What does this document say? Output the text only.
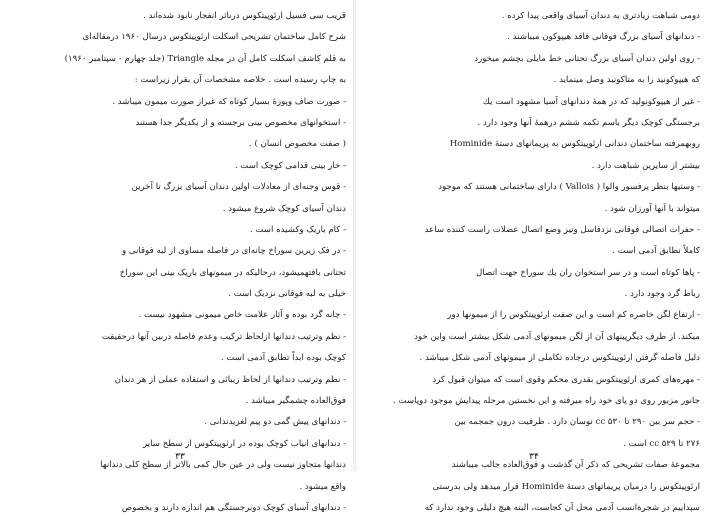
قریب سی فسیل ارئوپیتکوس درناثر انفجار نابود شده‌اند .
شرح کامل ساختمان تشریحی اسکلت ارئوپیتکوس درسال ۱۹۶۰ درمقاله‌ای
به قلم کاشف اسکلت کامل آن در مجله Triangle (جلد چهارم - سپتامبر ۱۹۶۰)
به چاپ رسیده است . خلاصه مشخصات آن بقرار زیراست :
- صورت صاف وپوزهٔ بسیار کوتاه که غیراز صورت میمون میباشد .
- استخوانهای مخصوص بینی برجسته و از یکدیگر جدا هستند
( صفت مخصوص انسان ) .
- خار بینی قدامی کوچک است .
- قوس وجنه‌ای از معادلات اولین دندان آسیای بزرگ تا آخرین
دندان آسیای کوچک شروع میشود .
- کام باریک وکشیده است .
- در فک زیرین سوراخ چانه‌ای در فاصله مساوی از لبه فوقانی و
تحتانی بافتهمیشود، درحالیکه در میمونهای باریک بینی این سوراخ
خیلی به لبه فوقانی نزدیک است .
- چانه گرد بوده و آثار علامت خاص میمونی مشهود نیست .
- نظم وترتیب دندانها ازلحاظ ترکیب وعدم فاصله دربین آنها درحقیقت
کوچک بوده ابداً تطابق آدمی است .
- نظم وترتیب دندانها از لحاظ زیبائی و استفاده عملی از هر دندان
فوق‌العاده چشمگیر میباشد .
- دندانهای پیش گمی دو پیم لغزیدندانی .
- دندانهای انیاب کوچک بوده در ارئوپیتکوس از سطح سایر
دندانها متجاوز نیست ولی در عین حال کمی بالاتر از سطح کلی دندانها
واقع میشود .
- دندانهای آسیای کوچک دوبرجستگی هم اندازه دارند و بخصوص
۳۳
دومی شباهت زیادتری به دندان آسیای واقعی پیدا کرده .
- دندانهای آسیای بزرگ فوقانی فاقد هیپوکون میباشند .
- روی اولین دندان آسیای بزرگ تحتانی خط مایلی بچشم میخورد
که هیپوکونید را به متاکونید وصل مینماید .
- غیر از هیپوکونولید که در همهٔ دندانهای آسیا مشهود است یك
برجستگی کوچک دیگر باسم تکمه ششم درهمهٔ آنها وجود دارد .
روبهمرفته ساختمان دندانی ارئوپیتکوس به پریماتهای دستهٔ Hominide
بیشتر از سایرین شباهت دارد .
- وستیها بنظر پرفسور والوا ( Vallois ) دارای ساختمانی هستند که موجود
میتواند با آنها آورزان شود .
- حفرات اتصالی فوقانی نزدفاسل ونیز وضع اتصال عضلات راست کننده ساعد
کاملاً تطابق آدمی است .
- پاها کوتاه است و در سر استخوان ران یك سوراخ جهت اتصال
رباط گرد وجود دارد .
- ارتفاع لگن خاصره کم است و این صفت ارئوپیتکوس را از میمونها دور
میکند. از طرف دیگرپینهای آن از لگن میمونهای آدمی شکل بیشتر است واین خود
دلیل فاصله گرفتن ارئوپیتکوس درجاده تکاملی از میمونهای آدمی شکل میباشد .
- مهره‌های کمری ارئوپیتکوس بقدری محکم وقوی است که میتوان قبول کرد
جانور مزبور روی دو پای خود راه میرفته و این نخستین مرحله پیدایش موجود دوپاست .
- حجم سر بین ۲۹۰ تا ۵۳۰ cc نوسان دارد . ظرفیت درون جمجمه بین
۲۷۶ تا ۵۲۹ cc است .
مجموعهٔ صفات تشریحی که ذکر آن گذشت و فوق‌العاده جالب میباشند
ارئوپیتکوس را درمیان پریماتهای دستهٔ Hominide قرار میدهد ولی بدرستی
سپداییم در شجرةانسب آدمی محل آن کجاست، البته هیچ دلیلی وجود ندارد که
۳۴
